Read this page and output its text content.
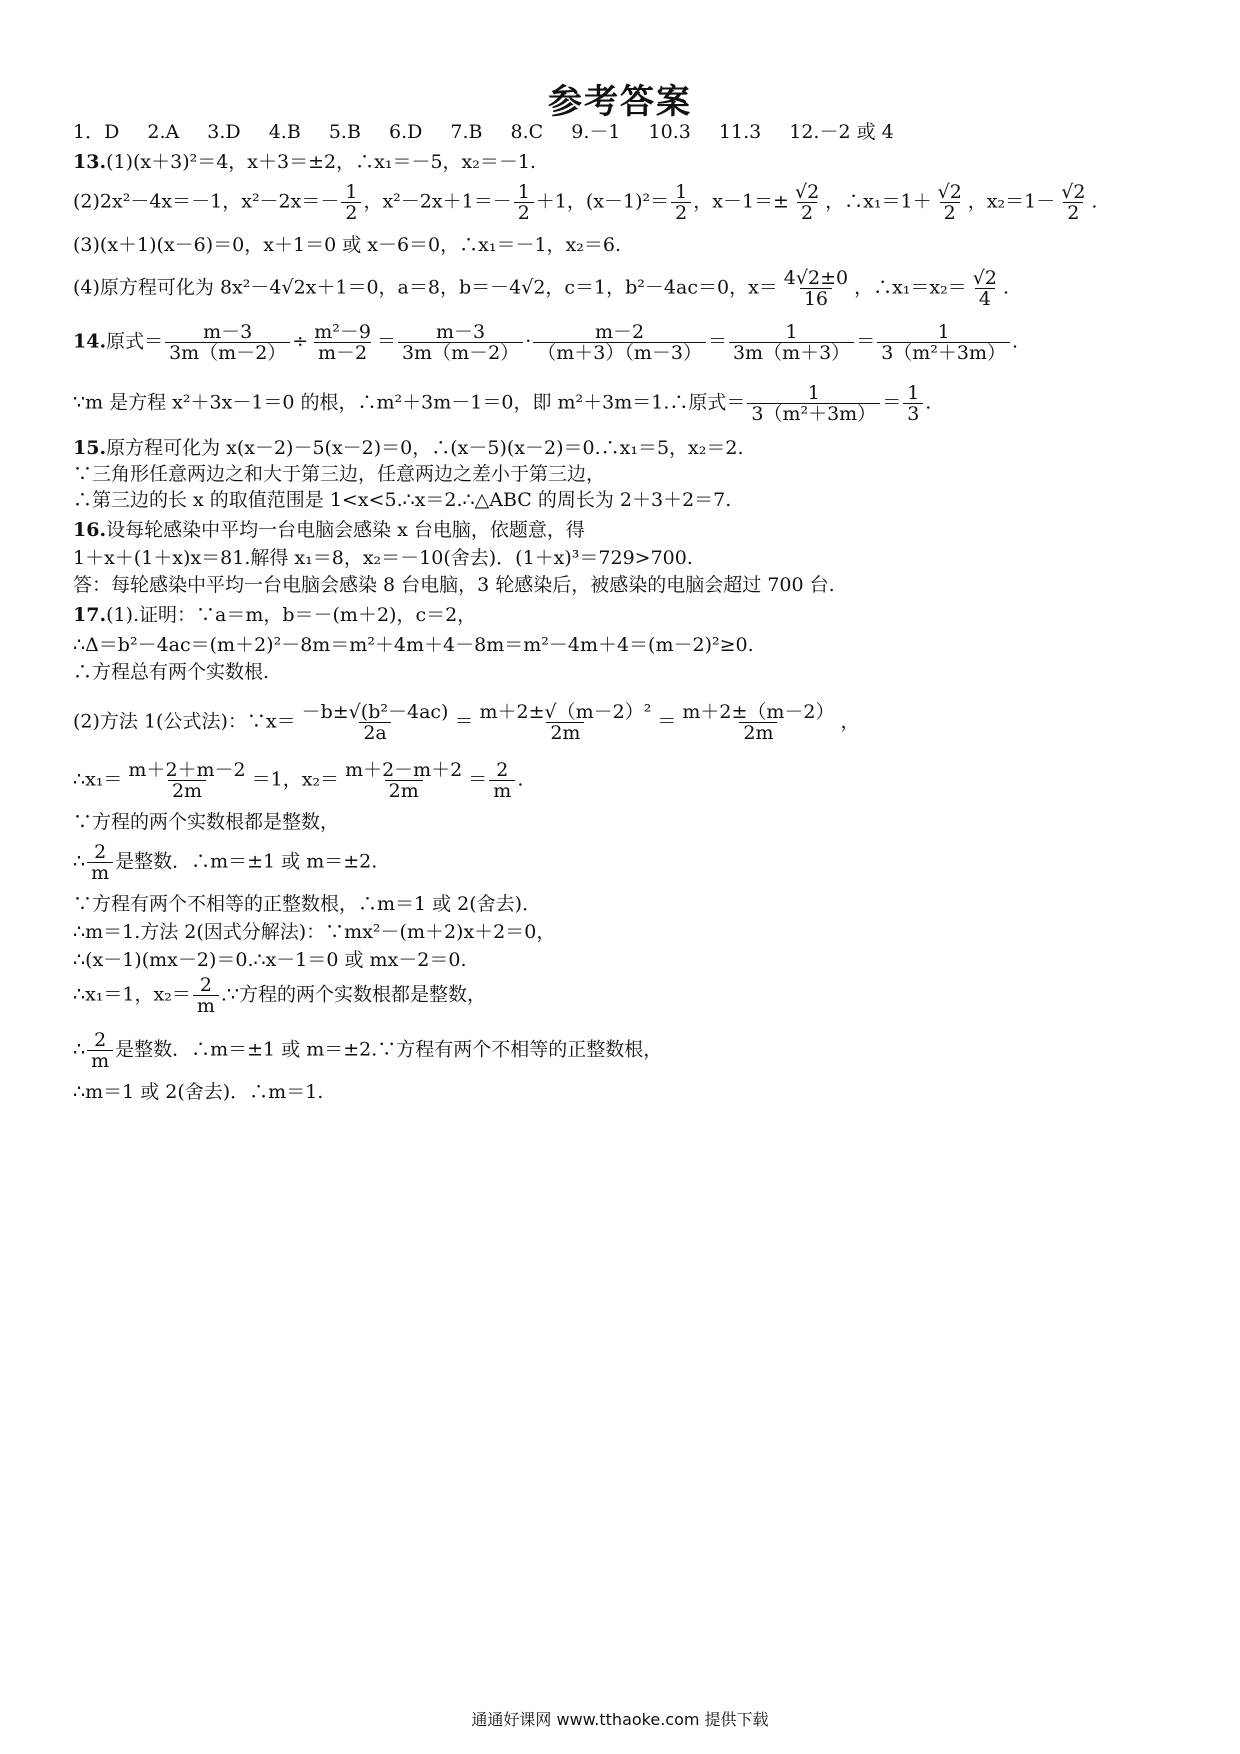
参考答案
1．D 2.A 3.D 4.B 5.B 6.D 7.B 8.C 9.－1 10.3 11.3 12.－2 或 4
13.(1)(x＋3)²＝4，x＋3＝±2，∴x₁＝－5，x₂＝－1.
(2)2x²－4x＝－1，$x^2-2x=- \frac{1}{2}$ ，$x^2-2x+1=- \frac{1}{2} +1$，$(x-1)^2= \frac{1}{2}$ ，$x-1=\pm \frac{√2}{2}$ ，∴x₁＝1＋ $\frac{√2}{2}$ ，$x_2=1- \frac{√2}{2}$ .
(3)(x＋1)(x－6)＝0，x＋1＝0 或 x－6＝0，∴x₁＝－1，x₂＝6.
(4)原方程可化为 8x²－4√2x＋1＝0，a＝8，b＝－4√2，c＝1，b²－4ac＝0，$x= \frac{4√2\pm 0}{16}$ ，∴x₁＝x₂＝ $\frac{√2}{4}$ .
14.原式＝ $\frac{m-3}{3m(m-2)} \div \frac{\text{m²－9}}{m-2} = \frac{m-3}{3m(m-2)} \cdot \frac{m-2}{(m+3)(m-3)} = \frac{1}{3m(m+3)} = \frac{1}{\text{3（m²＋3m）}}$ .
∵m 是方程 x²＋3x－1＝0 的根，∴m²＋3m－1＝0，即 m²＋3m＝1.∴原式＝ $\frac{1}{\text{3（m²＋3m）}} = \frac{1}{3}$ .
15.原方程可化为 x(x－2)－5(x－2)＝0，∴(x－5)(x－2)＝0.∴x₁＝5，x₂＝2.
∵三角形任意两边之和大于第三边，任意两边之差小于第三边，
∴第三边的长 x 的取值范围是 1<x<5.∴x＝2.∴△ABC 的周长为 2＋3＋2＝7.
16.设每轮感染中平均一台电脑会感染 x 台电脑，依题意，得
1＋x＋(1＋x)x＝81.解得 x₁＝8，x₂＝－10(舍去)．(1＋x)³＝729>700.
答：每轮感染中平均一台电脑会感染 8 台电脑，3 轮感染后，被感染的电脑会超过 700 台.
17.(1).证明：∵a＝m，b＝－(m＋2)，c＝2，
∴Δ＝b²－4ac＝(m＋2)²－8m＝m²＋4m＋4－8m＝m²－4m＋4＝(m－2)²≥0.
∴方程总有两个实数根.
(2)方法 1(公式法)：∵x＝ $\frac{\text{－b±√(b²－4ac)}}{2a} = \frac{\text{m＋2±√（m－2）²}}{2m} = \frac{m+2\pm(m-2)}{2m}$ ，
∴x₁＝ $\frac{m+2+m-2}{2m} =1$，$x_2= \frac{m+2-m+2}{2m} = \frac{2}{m}$ .
∵方程的两个实数根都是整数，
∴ $\frac{2}{m}$ 是整数．∴m＝±1 或 m＝±2.
∵方程有两个不相等的正整数根，∴m＝1 或 2(舍去)．
∴m＝1.方法 2(因式分解法)：∵mx²－(m＋2)x＋2＝0，
∴(x－1)(mx－2)＝0.∴x－1＝0 或 mx－2＝0.
∴x₁＝1，$x_2= \frac{2}{m}$ .∵方程的两个实数根都是整数，
∴ $\frac{2}{m}$ 是整数．∴m＝±1 或 m＝±2.∵方程有两个不相等的正整数根，
∴m＝1 或 2(舍去)．∴m＝1.
通通好课网 www.tthaoke.com 提供下载
